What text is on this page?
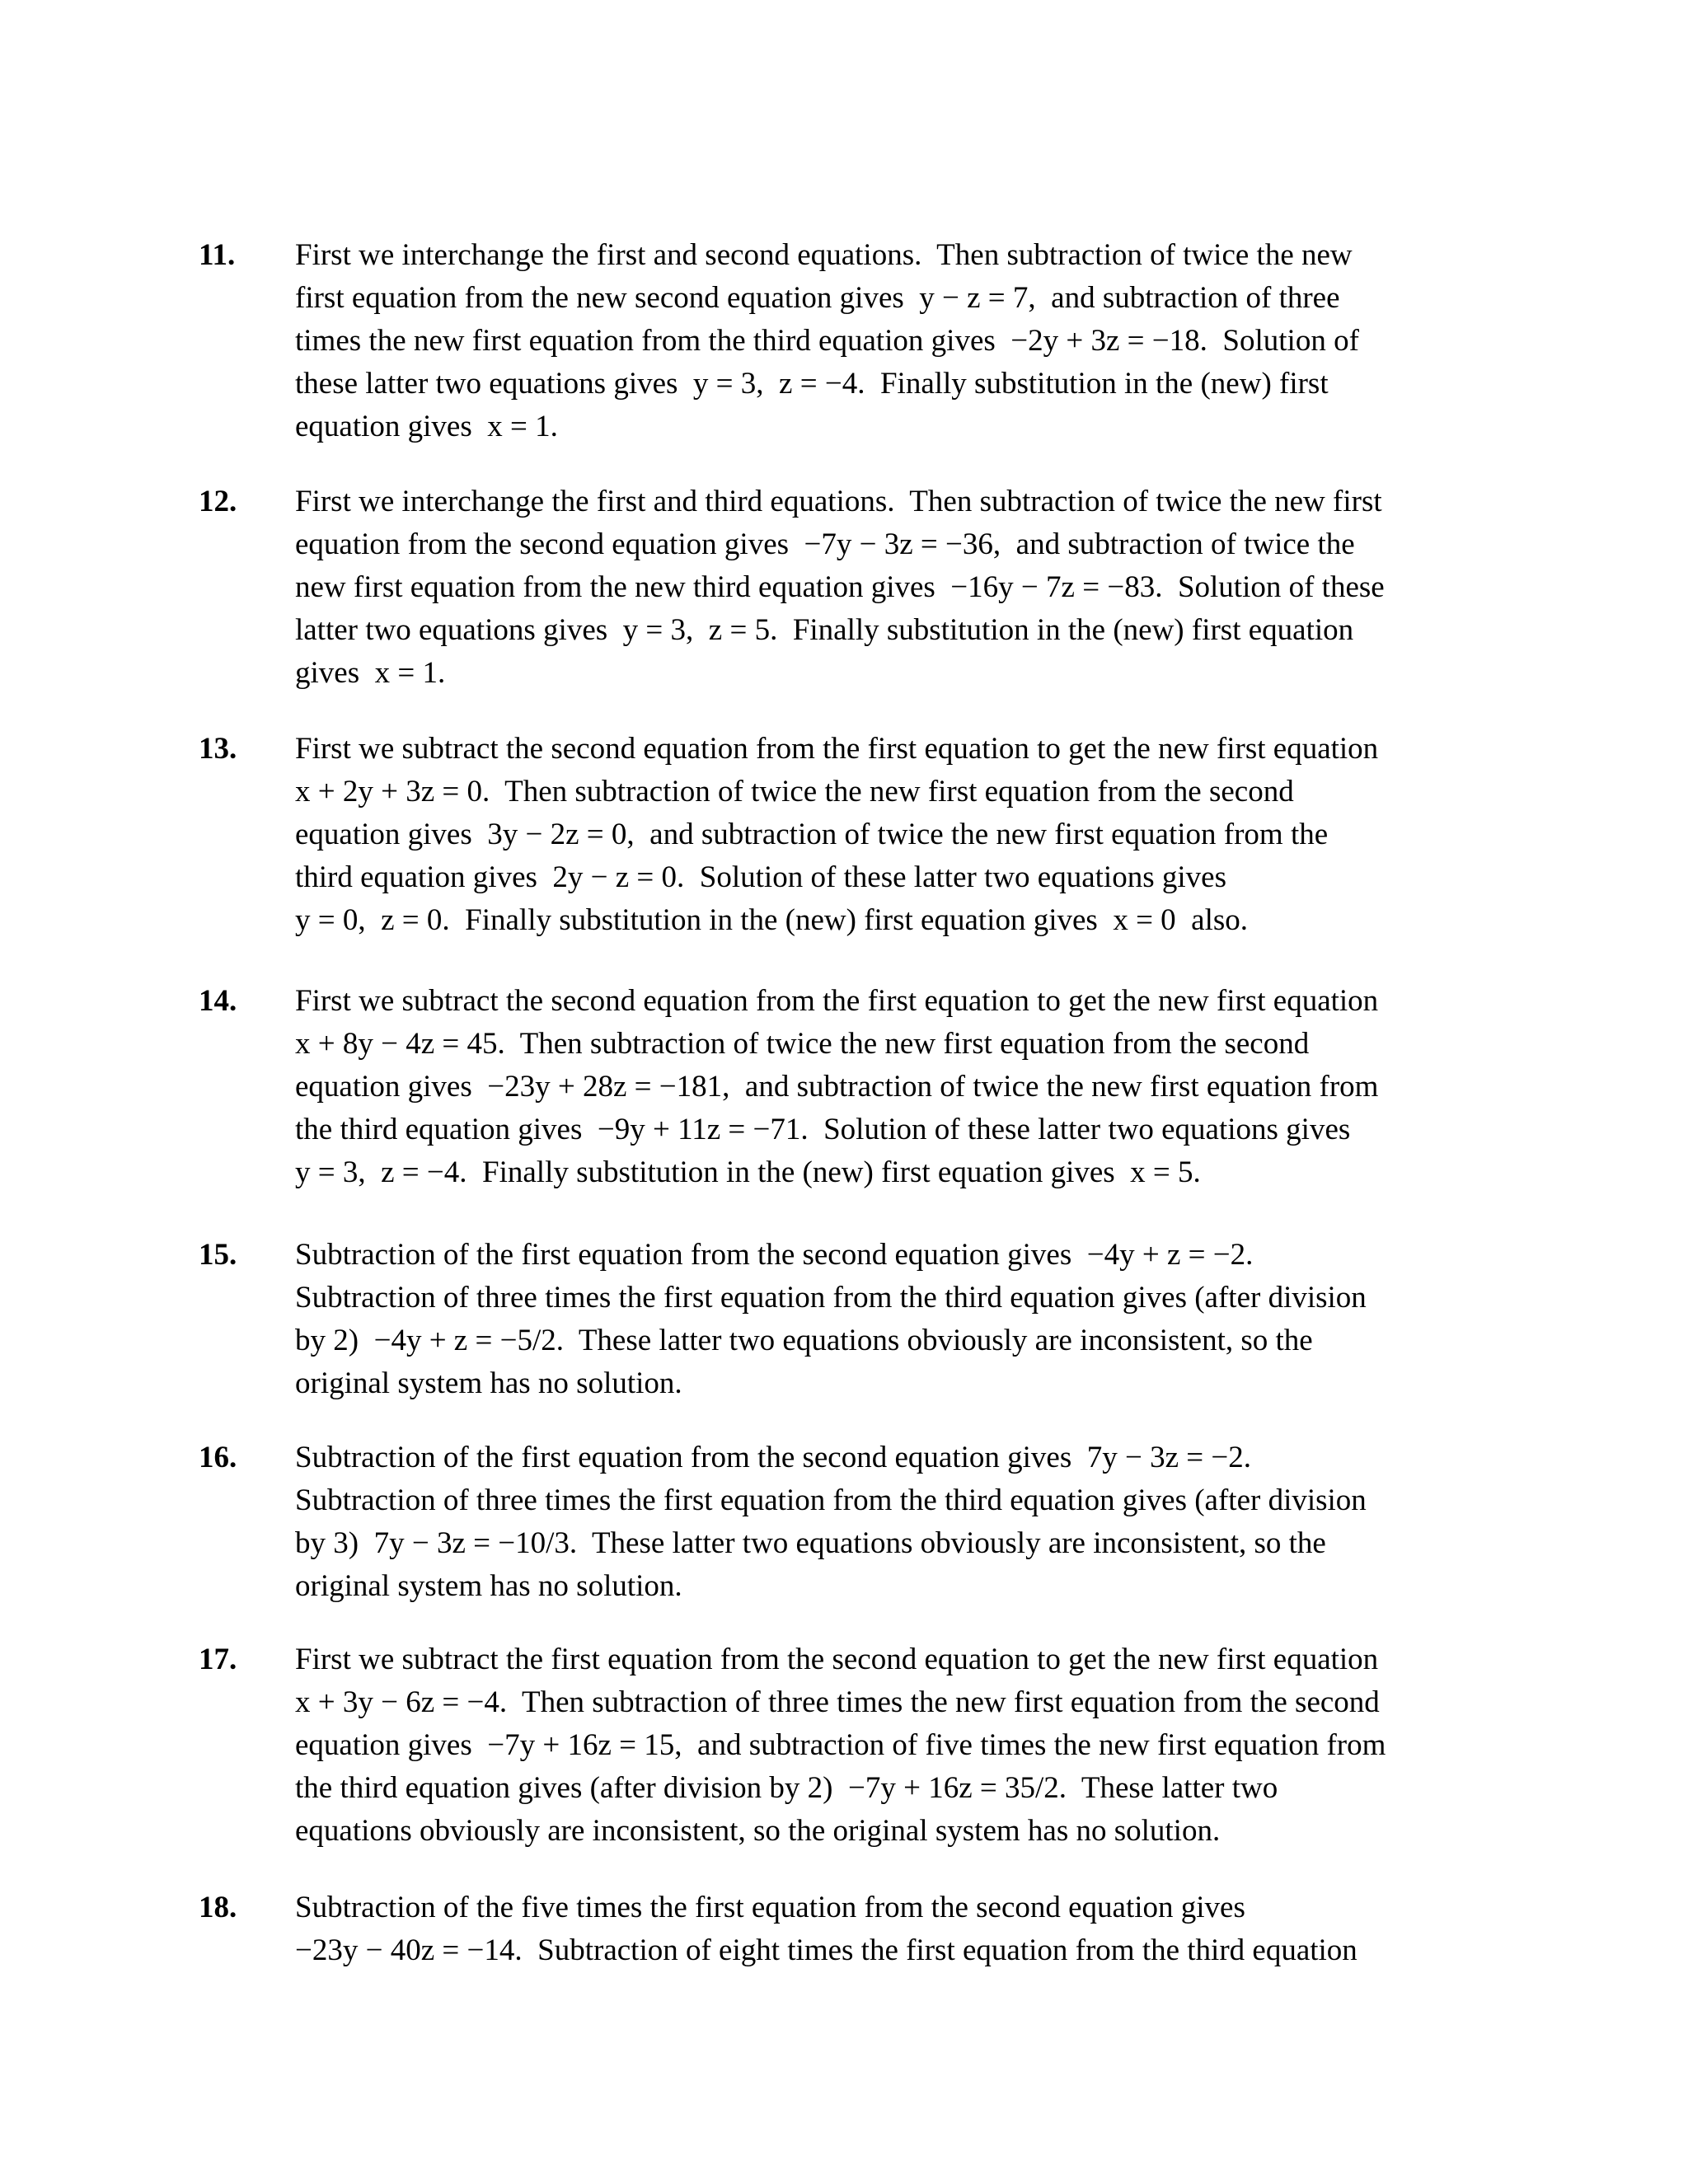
11. First we interchange the first and second equations.  Then subtraction of twice the new
first equation from the new second equation gives  y − z = 7,  and subtraction of three
times the new first equation from the third equation gives  −2y + 3z = −18.  Solution of
these latter two equations gives  y = 3,  z = −4.  Finally substitution in the (new) first
equation gives  x = 1.
12. First we interchange the first and third equations.  Then subtraction of twice the new first
equation from the second equation gives  −7y − 3z = −36,  and subtraction of twice the
new first equation from the new third equation gives  −16y − 7z = −83.  Solution of these
latter two equations gives  y = 3,  z = 5.  Finally substitution in the (new) first equation
gives  x = 1.
13. First we subtract the second equation from the first equation to get the new first equation
x + 2y + 3z = 0.  Then subtraction of twice the new first equation from the second
equation gives  3y − 2z = 0,  and subtraction of twice the new first equation from the
third equation gives  2y − z = 0.  Solution of these latter two equations gives
y = 0,  z = 0.  Finally substitution in the (new) first equation gives  x = 0  also.
14. First we subtract the second equation from the first equation to get the new first equation
x + 8y − 4z = 45.  Then subtraction of twice the new first equation from the second
equation gives  −23y + 28z = −181,  and subtraction of twice the new first equation from
the third equation gives  −9y + 11z = −71.  Solution of these latter two equations gives
y = 3,  z = −4.  Finally substitution in the (new) first equation gives  x = 5.
15. Subtraction of the first equation from the second equation gives  −4y + z = −2.
Subtraction of three times the first equation from the third equation gives (after division
by 2)  −4y + z = −5/2.  These latter two equations obviously are inconsistent, so the
original system has no solution.
16. Subtraction of the first equation from the second equation gives  7y − 3z = −2.
Subtraction of three times the first equation from the third equation gives (after division
by 3)  7y − 3z = −10/3.  These latter two equations obviously are inconsistent, so the
original system has no solution.
17. First we subtract the first equation from the second equation to get the new first equation
x + 3y − 6z = −4.  Then subtraction of three times the new first equation from the second
equation gives  −7y + 16z = 15,  and subtraction of five times the new first equation from
the third equation gives (after division by 2)  −7y + 16z = 35/2.  These latter two
equations obviously are inconsistent, so the original system has no solution.
18. Subtraction of the five times the first equation from the second equation gives
−23y − 40z = −14.  Subtraction of eight times the first equation from the third equation
